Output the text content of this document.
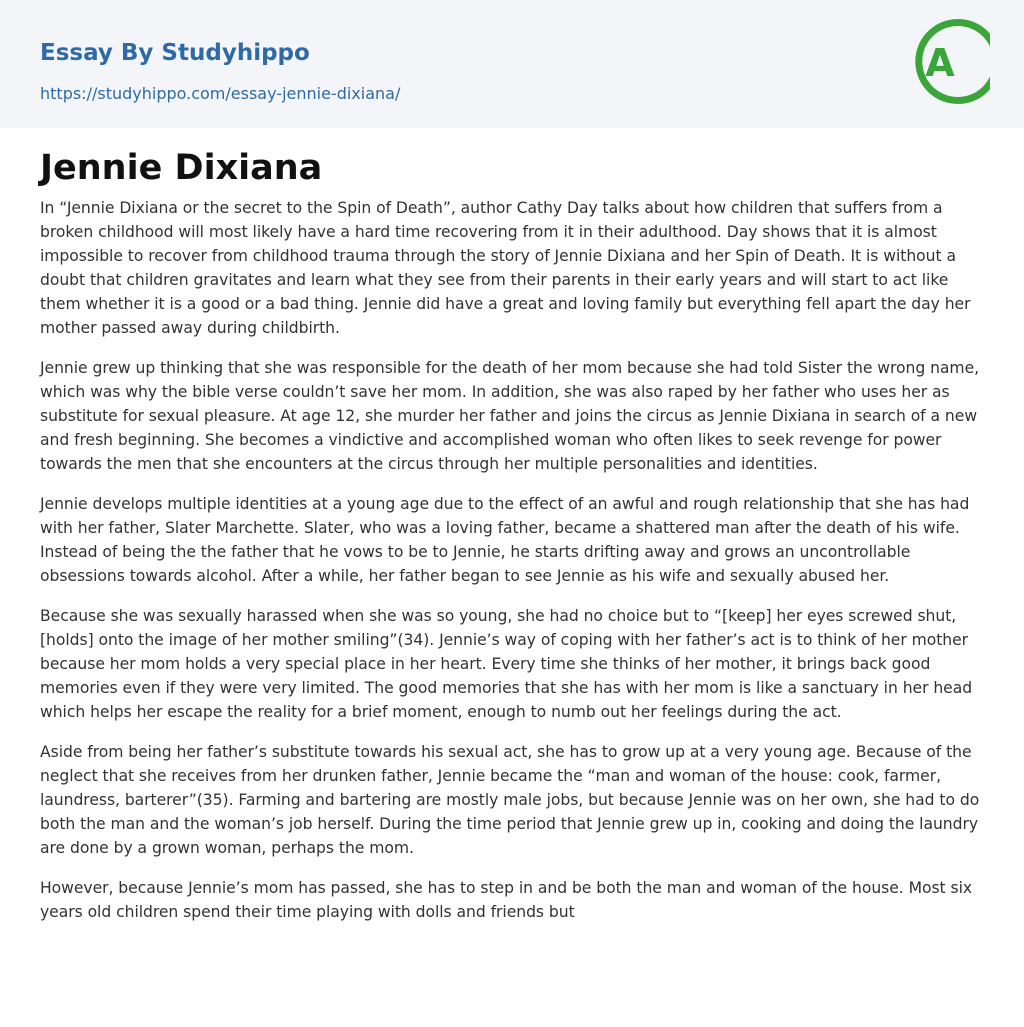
Essay By Studyhippo
https://studyhippo.com/essay-jennie-dixiana/
A
Jennie Dixiana

In “Jennie Dixiana or the secret to the Spin of Death”, author Cathy Day talks about how children that suffers from a broken childhood will most likely have a hard time recovering from it in their adulthood. Day shows that it is almost impossible to recover from childhood trauma through the story of Jennie Dixiana and her Spin of Death. It is without a doubt that children gravitates and learn what they see from their parents in their early years and will start to act like them whether it is a good or a bad thing. Jennie did have a great and loving family but everything fell apart the day her mother passed away during childbirth.

Jennie grew up thinking that she was responsible for the death of her mom because she had told Sister the wrong name, which was why the bible verse couldn’t save her mom. In addition, she was also raped by her father who uses her as substitute for sexual pleasure. At age 12, she murder her father and joins the circus as Jennie Dixiana in search of a new and fresh beginning. She becomes a vindictive and accomplished woman who often likes to seek revenge for power towards the men that she encounters at the circus through her multiple personalities and identities.

Jennie develops multiple identities at a young age due to the effect of an awful and rough relationship that she has had with her father, Slater Marchette. Slater, who was a loving father, became a shattered man after the death of his wife. Instead of being the the father that he vows to be to Jennie, he starts drifting away and grows an uncontrollable obsessions towards alcohol. After a while, her father began to see Jennie as his wife and sexually abused her.

Because she was sexually harassed when she was so young, she had no choice but to “[keep] her eyes screwed shut, [holds] onto the image of her mother smiling”(34). Jennie’s way of coping with her father’s act is to think of her mother because her mom holds a very special place in her heart. Every time she thinks of her mother, it brings back good memories even if they were very limited. The good memories that she has with her mom is like a sanctuary in her head which helps her escape the reality for a brief moment, enough to numb out her feelings during the act.

Aside from being her father’s substitute towards his sexual act, she has to grow up at a very young age. Because of the neglect that she receives from her drunken father, Jennie became the “man and woman of the house: cook, farmer, laundress, barterer”(35). Farming and bartering are mostly male jobs, but because Jennie was on her own, she had to do both the man and the woman’s job herself. During the time period that Jennie grew up in, cooking and doing the laundry are done by a grown woman, perhaps the mom.

However, because Jennie’s mom has passed, she has to step in and be both the man and woman of the house. Most six years old children spend their time playing with dolls and friends but
